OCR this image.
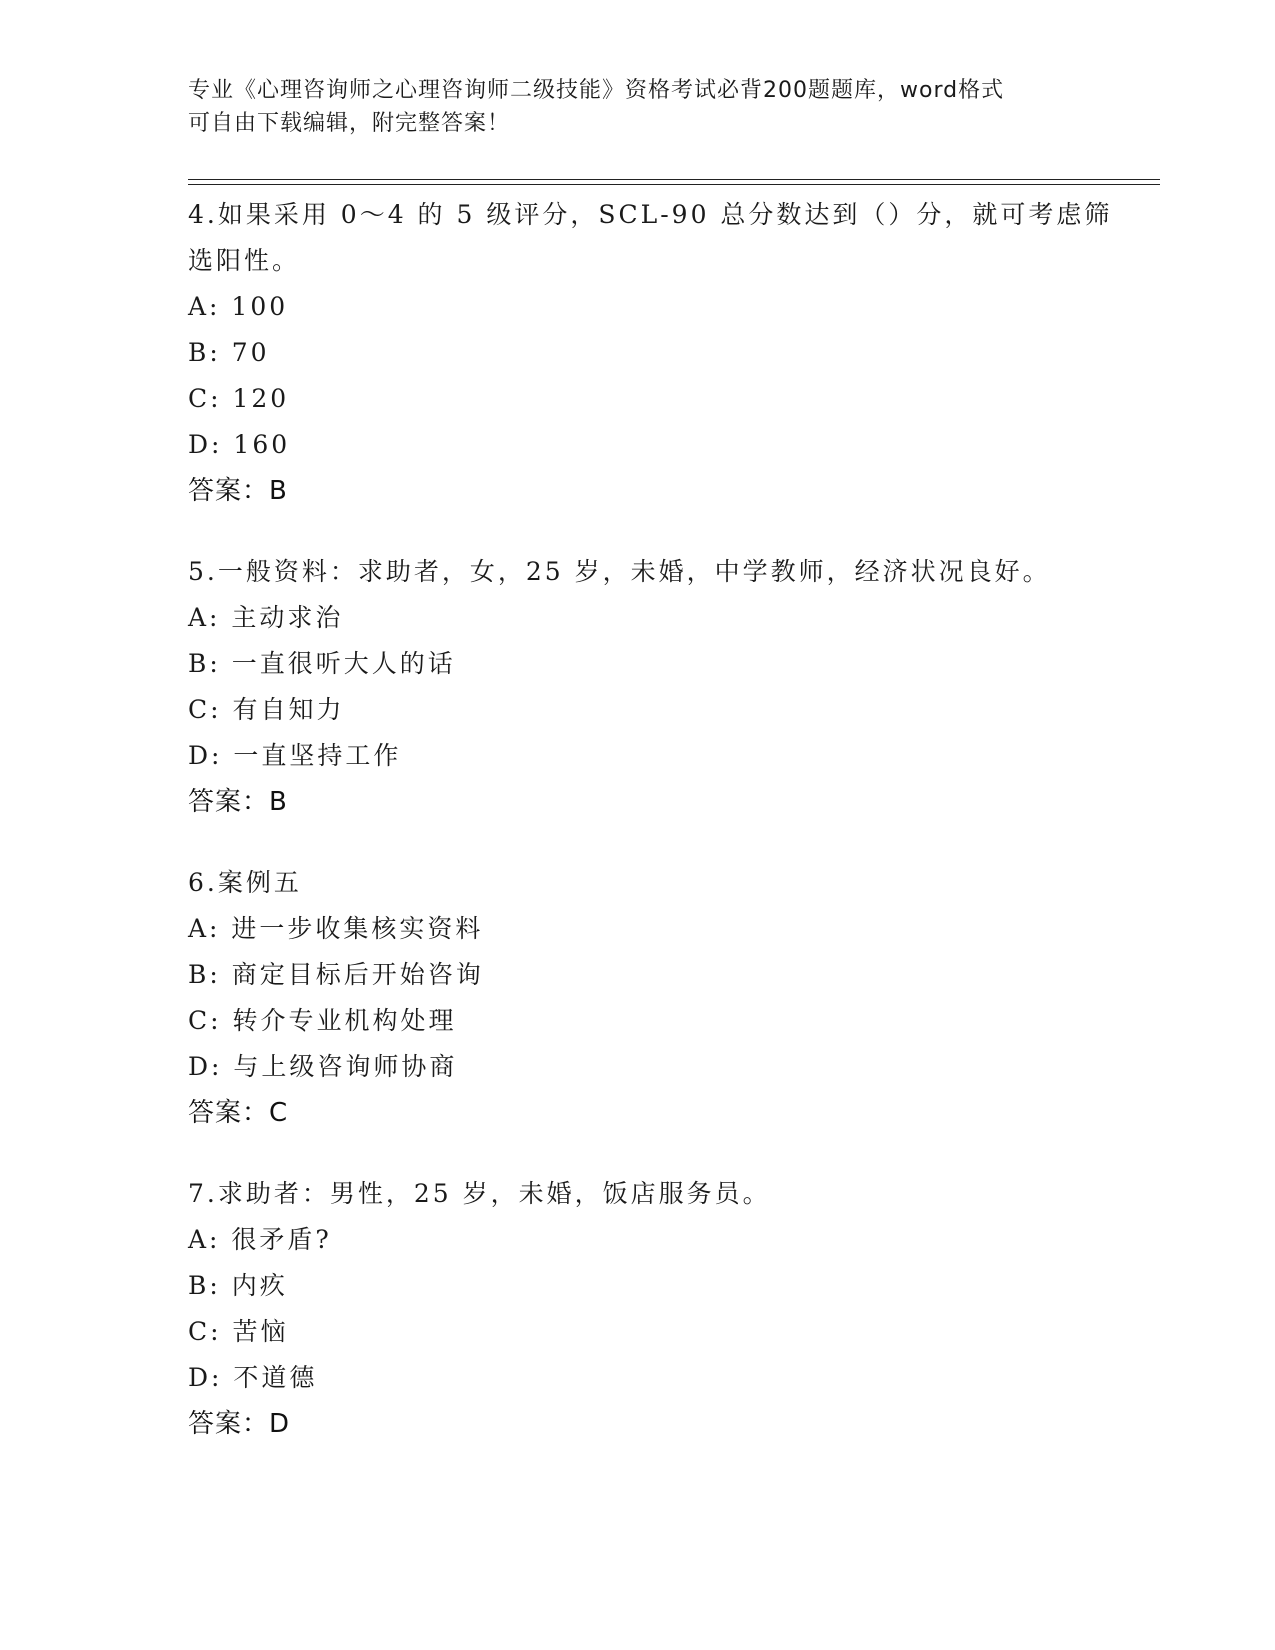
专业《心理咨询师之心理咨询师二级技能》资格考试必背200题题库，word格式
可自由下载编辑，附完整答案！
4.如果采用 0～4 的 5 级评分，SCL-90 总分数达到（）分，就可考虑筛
选阳性。
A: 100
B: 70
C: 120
D: 160
答案：B
5.一般资料：求助者，女，25 岁，未婚，中学教师，经济状况良好。
A: 主动求治
B: 一直很听大人的话
C: 有自知力
D: 一直坚持工作
答案：B
6.案例五
A: 进一步收集核实资料
B: 商定目标后开始咨询
C: 转介专业机构处理
D: 与上级咨询师协商
答案：C
7.求助者：男性，25 岁，未婚，饭店服务员。
A: 很矛盾?
B: 内疚
C: 苦恼
D: 不道德
答案：D
